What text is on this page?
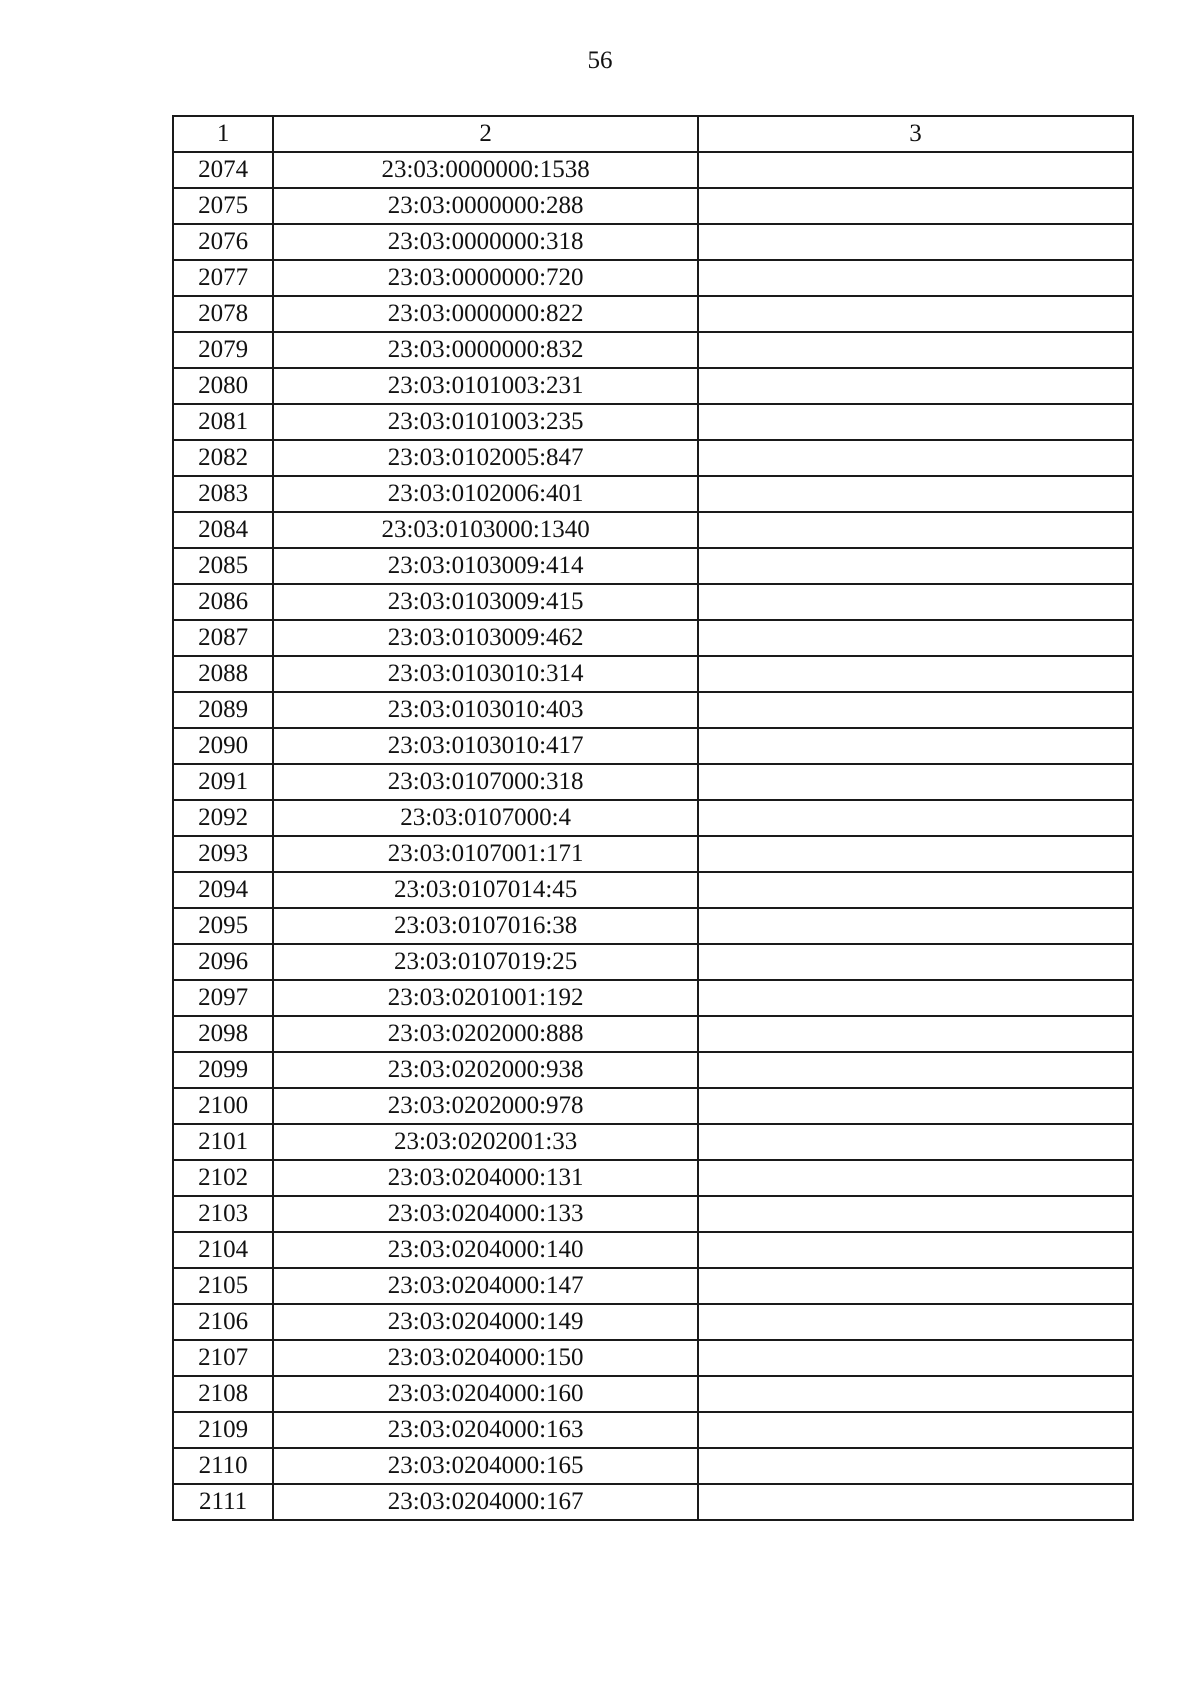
56
1	2	3
2074	23:03:0000000:1538	
2075	23:03:0000000:288	
2076	23:03:0000000:318	
2077	23:03:0000000:720	
2078	23:03:0000000:822	
2079	23:03:0000000:832	
2080	23:03:0101003:231	
2081	23:03:0101003:235	
2082	23:03:0102005:847	
2083	23:03:0102006:401	
2084	23:03:0103000:1340	
2085	23:03:0103009:414	
2086	23:03:0103009:415	
2087	23:03:0103009:462	
2088	23:03:0103010:314	
2089	23:03:0103010:403	
2090	23:03:0103010:417	
2091	23:03:0107000:318	
2092	23:03:0107000:4	
2093	23:03:0107001:171	
2094	23:03:0107014:45	
2095	23:03:0107016:38	
2096	23:03:0107019:25	
2097	23:03:0201001:192	
2098	23:03:0202000:888	
2099	23:03:0202000:938	
2100	23:03:0202000:978	
2101	23:03:0202001:33	
2102	23:03:0204000:131	
2103	23:03:0204000:133	
2104	23:03:0204000:140	
2105	23:03:0204000:147	
2106	23:03:0204000:149	
2107	23:03:0204000:150	
2108	23:03:0204000:160	
2109	23:03:0204000:163	
2110	23:03:0204000:165	
2111	23:03:0204000:167	
